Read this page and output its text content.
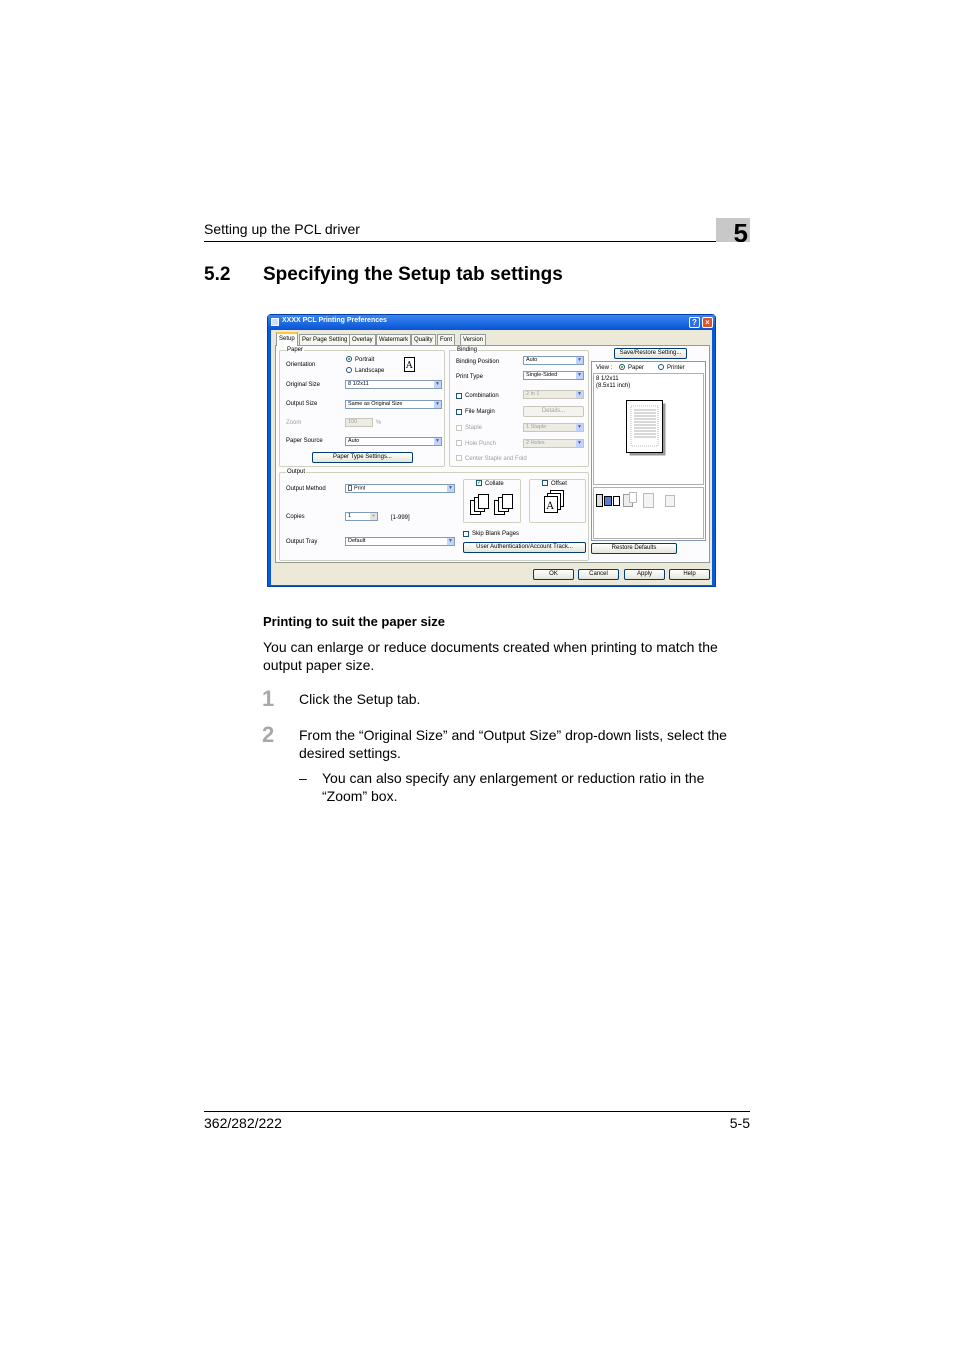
Setting up the PCL driver	5
5.2 Specifying the Setup tab settings
XXXX PCL Printing Preferences	?	×
Setup	Per Page Setting Overlay	Watermark Quality	Font	Version
Paper
Orientation
Portrait
Landscape A
Original Size	8 1/2x11	▼
Output Size	Same as Original Size	▼
Zoom	100	%
Paper Source	Auto	▼
Paper Type Settings...
Binding
Binding Position	Auto	▼
Print Type	Single-Sided	▼
Combination	2 in 1	▼
File Margin	Details...
Staple	1 Staple	▼
Hole Punch	2 Holes	▼
Center Staple and Fold
Output
Output Method	Print	▼
Copies	1	÷	[1-999]
Output Tray	Default	▼
✓ Collate	Offset
A
Skip Blank Pages
User Authentication/Account Track...
Save/Restore Setting...
View :	Paper	Printer
8 1/2x11
(8.5x11 inch)
Restore Defaults
OK	Cancel	Apply	Help
Printing to suit the paper size
You can enlarge or reduce documents created when printing to match the output paper size.
1 Click the Setup tab.
2 From the “Original Size” and “Output Size” drop-down lists, select the desired settings.
– You can also specify any enlargement or reduction ratio in the “Zoom” box.
362/282/222	5-5
